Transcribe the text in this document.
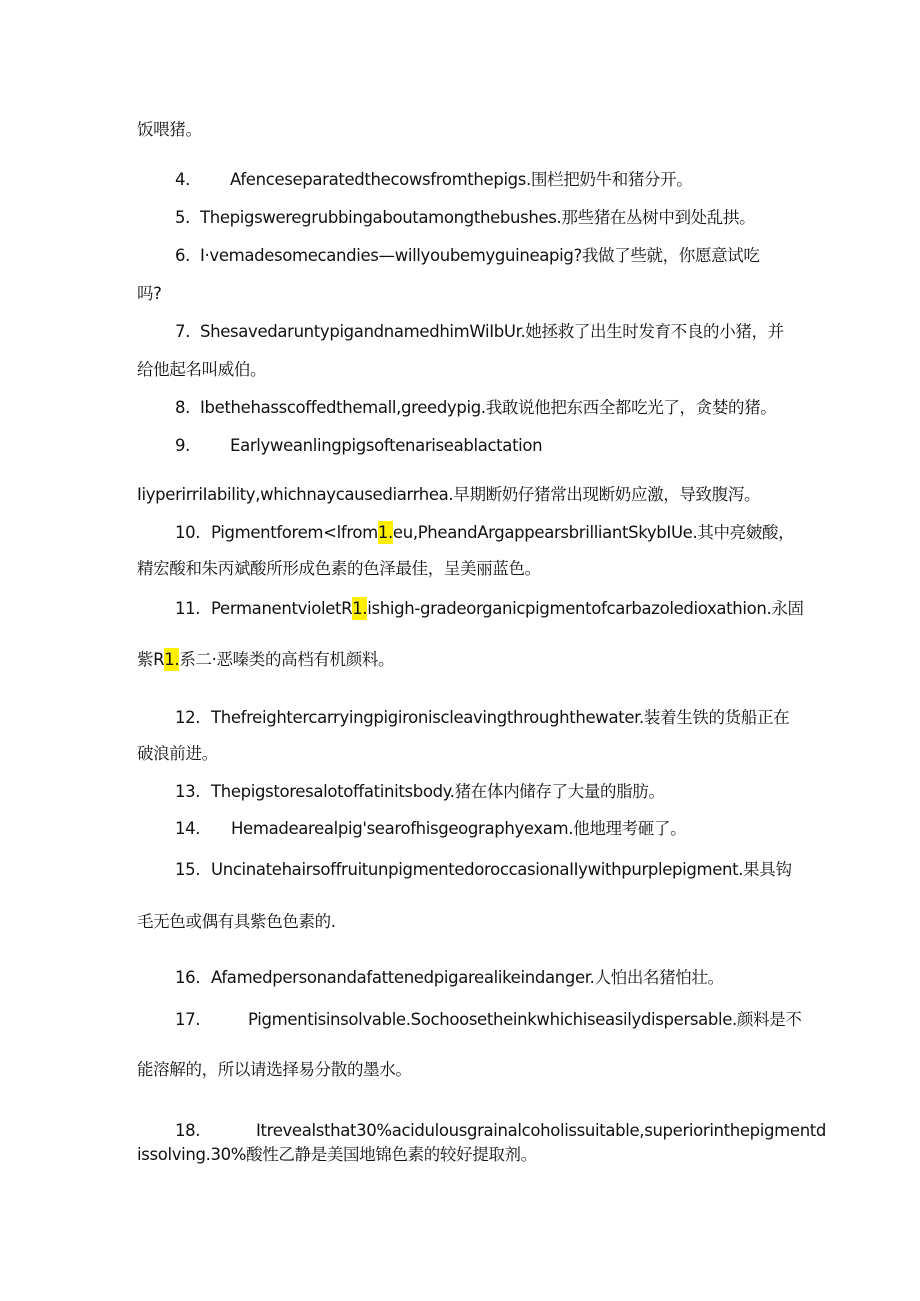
饭喂猪。
4. Afenceseparatedthecowsfromthepigs.围栏把奶牛和猪分开。
5. Thepigsweregrubbingaboutamongthebushes.那些猪在丛树中到处乱拱。
6. I·vemadesomecandies—willyoubemyguineapig?我做了些就，你愿意试吃
吗?
7. ShesavedaruntypigandnamedhimWiIbUr.她拯救了出生时发育不良的小猪，并
给他起名叫威伯。
8. Ibethehasscoffedthemall,greedypig.我敢说他把东西全都吃光了，贪婪的猪。
9. Earlyweanlingpigsoftenariseablactation
IiyperirriIability,whichnaycausediarrhea.早期断奶仔猪常出现断奶应激，导致腹泻。
10. Pigmentforem<lfrom1.eu,PheandArgappearsbrilliantSkybIUe.其中亮皴酸，
精宏酸和朱丙斌酸所形成色素的色泽最佳，呈美丽蓝色。
11. PermanentvioletR1.ishigh-gradeorganicpigmentofcarbazoledioxathion.永固
紫R1.系二·恶嗪类的高档有机颜料。
12. Thefreightercarryingpigironiscleavingthroughthewater.装着生铁的货船正在
破浪前进。
13. Thepigstoresalotoffatinitsbody.猪在体内储存了大量的脂肪。
14. Hemadearealpig'searofhisgeographyexam.他地理考砸了。
15. UncinatehairsoffruitunpigmentedoroccasionaIIywithpurplepigment.果具钩
毛无色或偶有具紫色色素的.
16. Afamedpersonandafattenedpigarealikeindanger.人怕出名猪怕壮。
17.	Pigmentisinsolvable.Sochoosetheinkwhichiseasilydispersable.颜料是不
能溶解的，所以请选择易分散的墨水。
18.	Itrevealsthat30%acidulousgrainalcoholissuitable,superiorinthepigmentd
issolving.30%酸性乙静是美国地锦色素的较好提取剂。
